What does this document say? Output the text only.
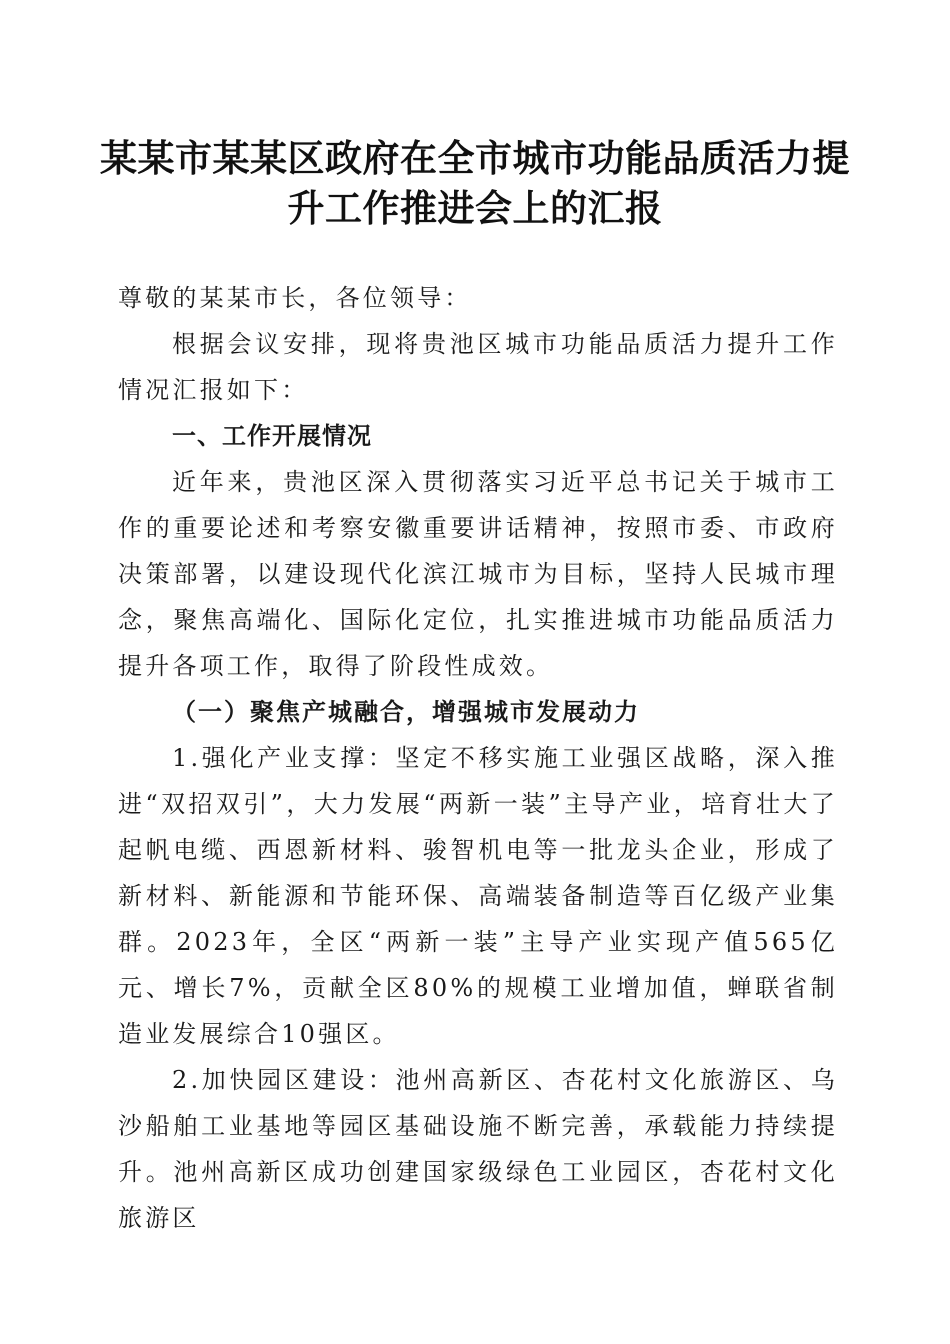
某某市某某区政府在全市城市功能品质活力提
升工作推进会上的汇报

尊敬的某某市长，各位领导：

根据会议安排，现将贵池区城市功能品质活力提升工作情况汇报如下：

一、工作开展情况

近年来，贵池区深入贯彻落实习近平总书记关于城市工作的重要论述和考察安徽重要讲话精神，按照市委、市政府决策部署，以建设现代化滨江城市为目标，坚持人民城市理念，聚焦高端化、国际化定位，扎实推进城市功能品质活力提升各项工作，取得了阶段性成效。

（一）聚焦产城融合，增强城市发展动力

1.强化产业支撑：坚定不移实施工业强区战略，深入推进“双招双引”，大力发展“两新一装”主导产业，培育壮大了起帆电缆、西恩新材料、骏智机电等一批龙头企业，形成了新材料、新能源和节能环保、高端装备制造等百亿级产业集群。2023年，全区“两新一装”主导产业实现产值565亿元、增长7%，贡献全区80%的规模工业增加值，蝉联省制造业发展综合10强区。

2.加快园区建设：池州高新区、杏花村文化旅游区、乌沙船舶工业基地等园区基础设施不断完善，承载能力持续提升。池州高新区成功创建国家级绿色工业园区，杏花村文化旅游区
